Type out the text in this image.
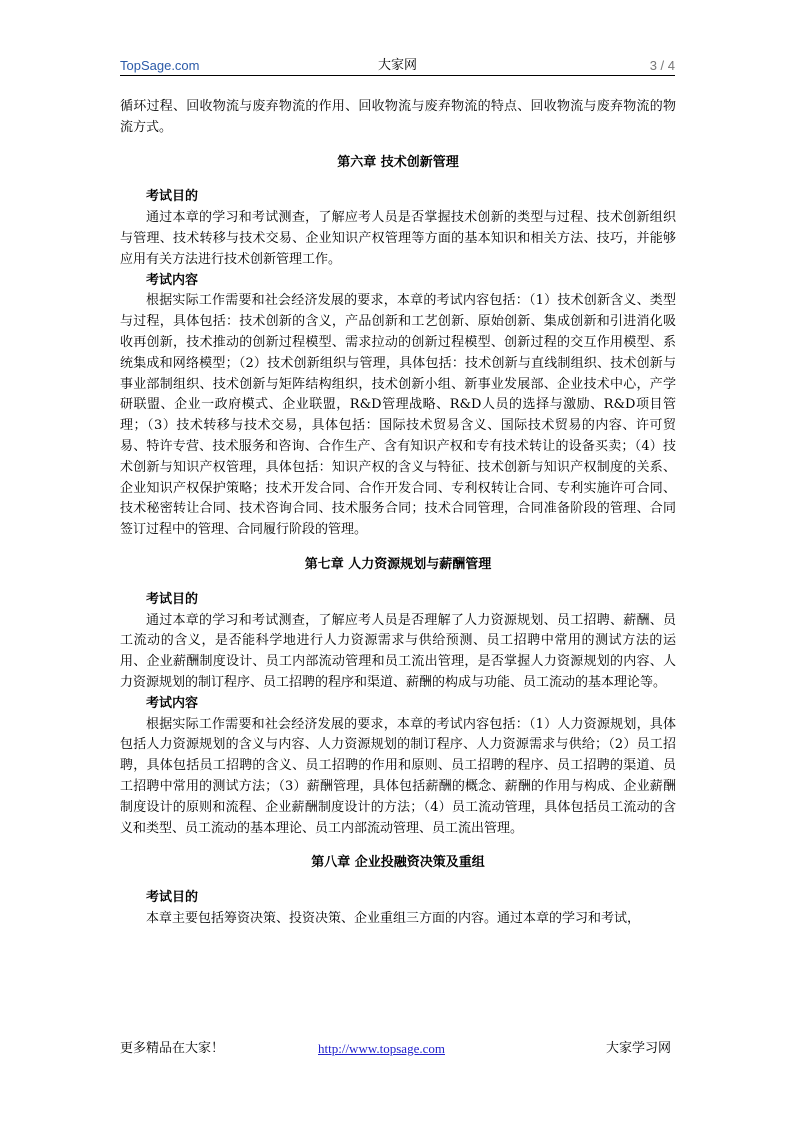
TopSage.com	大家网	3 / 4

循环过程、回收物流与废弃物流的作用、回收物流与废弃物流的特点、回收物流与废弃物流的物流方式。

第六章 技术创新管理

考试目的

通过本章的学习和考试测查，了解应考人员是否掌握技术创新的类型与过程、技术创新组织与管理、技术转移与技术交易、企业知识产权管理等方面的基本知识和相关方法、技巧，并能够应用有关方法进行技术创新管理工作。

考试内容

根据实际工作需要和社会经济发展的要求，本章的考试内容包括：（1）技术创新含义、类型与过程，具体包括：技术创新的含义，产品创新和工艺创新、原始创新、集成创新和引进消化吸收再创新，技术推动的创新过程模型、需求拉动的创新过程模型、创新过程的交互作用模型、系统集成和网络模型；（2）技术创新组织与管理，具体包括：技术创新与直线制组织、技术创新与事业部制组织、技术创新与矩阵结构组织，技术创新小组、新事业发展部、企业技术中心，产学研联盟、企业一政府模式、企业联盟，R&D管理战略、R&D人员的选择与激励、R&D项目管理；（3）技术转移与技术交易，具体包括：国际技术贸易含义、国际技术贸易的内容、许可贸易、特许专营、技术服务和咨询、合作生产、含有知识产权和专有技术转让的设备买卖；（4）技术创新与知识产权管理，具体包括：知识产权的含义与特征、技术创新与知识产权制度的关系、企业知识产权保护策略；技术开发合同、合作开发合同、专利权转让合同、专利实施许可合同、技术秘密转让合同、技术咨询合同、技术服务合同；技术合同管理，合同准备阶段的管理、合同签订过程中的管理、合同履行阶段的管理。

第七章 人力资源规划与薪酬管理

考试目的

通过本章的学习和考试测查，了解应考人员是否理解了人力资源规划、员工招聘、薪酬、员工流动的含义，是否能科学地进行人力资源需求与供给预测、员工招聘中常用的测试方法的运用、企业薪酬制度设计、员工内部流动管理和员工流出管理，是否掌握人力资源规划的内容、人力资源规划的制订程序、员工招聘的程序和渠道、薪酬的构成与功能、员工流动的基本理论等。

考试内容

根据实际工作需要和社会经济发展的要求，本章的考试内容包括：（1）人力资源规划，具体包括人力资源规划的含义与内容、人力资源规划的制订程序、人力资源需求与供给；（2）员工招聘，具体包括员工招聘的含义、员工招聘的作用和原则、员工招聘的程序、员工招聘的渠道、员工招聘中常用的测试方法；（3）薪酬管理，具体包括薪酬的概念、薪酬的作用与构成、企业薪酬制度设计的原则和流程、企业薪酬制度设计的方法；（4）员工流动管理，具体包括员工流动的含义和类型、员工流动的基本理论、员工内部流动管理、员工流出管理。

第八章 企业投融资决策及重组

考试目的

本章主要包括筹资决策、投资决策、企业重组三方面的内容。通过本章的学习和考试，

更多精品在大家！	http://www.topsage.com	大家学习网
